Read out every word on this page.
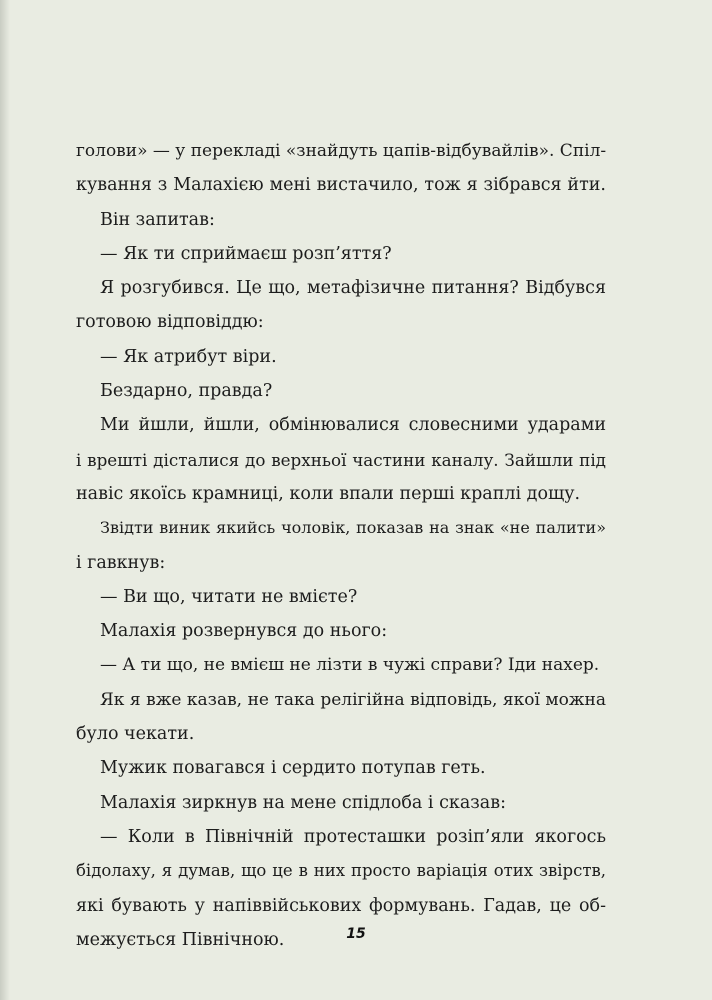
голови» — у перекладі «знайдуть цапів-відбувайлів». Спіл-
кування з Малахією мені вистачило, тож я зібрався йти.
Він запитав:
— Як ти сприймаєш розп’яття?
Я розгубився. Це що, метафізичне питання? Відбувся
готовою відповіддю:
— Як атрибут віри.
Бездарно, правда?
Ми йшли, йшли, обмінювалися словесними ударами
і врешті дісталися до верхньої частини каналу. Зайшли під
навіс якоїсь крамниці, коли впали перші краплі дощу.
Звідти виник якийсь чоловік, показав на знак «не палити»
і гавкнув:
— Ви що, читати не вмієте?
Малахія розвернувся до нього:
— А ти що, не вмієш не лізти в чужі справи? Іди нахер.
Як я вже казав, не така релігійна відповідь, якої можна
було чекати.
Мужик повагався і сердито потупав геть.
Малахія зиркнув на мене спідлоба і сказав:
— Коли в Північній протесташки розіп’яли якогось
бідолаху, я думав, що це в них просто варіація отих звірств,
які бувають у напіввійськових формувань. Гадав, це об-
межується Північною.	15
